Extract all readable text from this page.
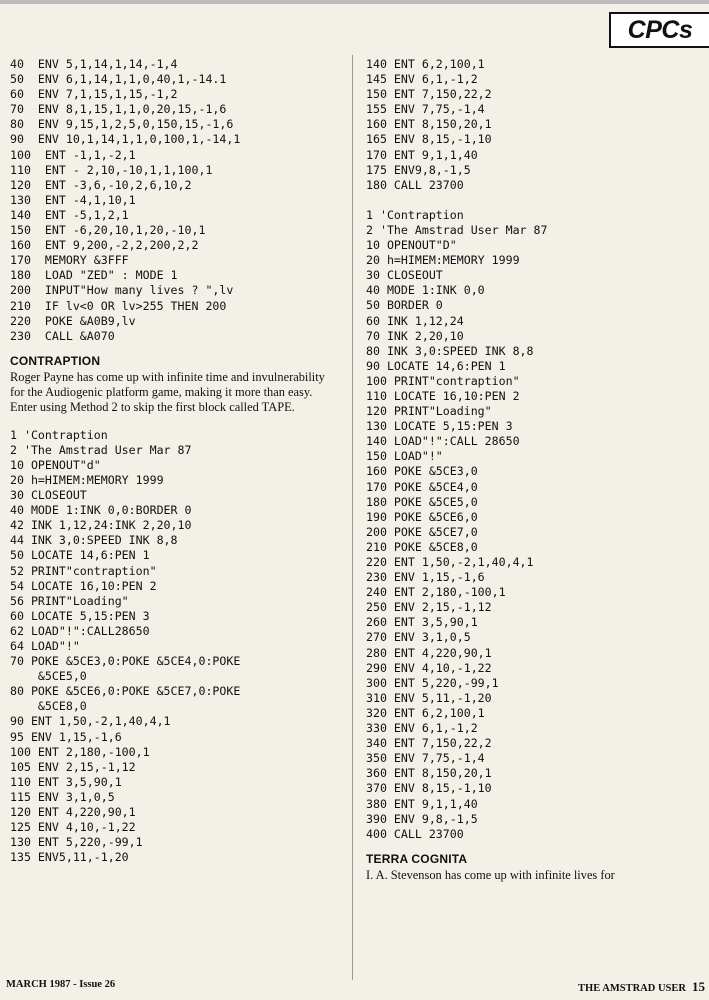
CPCs
40  ENV 5,1,14,1,14,-1,4
50  ENV 6,1,14,1,1,0,40,1,-14.1
60  ENV 7,1,15,1,15,-1,2
70  ENV 8,1,15,1,1,0,20,15,-1,6
80  ENV 9,15,1,2,5,0,150,15,-1,6
90  ENV 10,1,14,1,1,0,100,1,-14,1
100  ENT -1,1,-2,1
110  ENT - 2,10,-10,1,1,100,1
120  ENT -3,6,-10,2,6,10,2
130  ENT -4,1,10,1
140  ENT -5,1,2,1
150  ENT -6,20,10,1,20,-10,1
160  ENT 9,200,-2,2,200,2,2
170  MEMORY &3FFF
180  LOAD "ZED" : MODE 1
200  INPUT"How many lives ? ",lv
210  IF lv<0 OR lv>255 THEN 200
220  POKE &A0B9,lv
230  CALL &A070
CONTRAPTION

Roger Payne has come up with infinite time and invulnerability for the Audiogenic platform game, making it more than easy. Enter using Method 2 to skip the first block called TAPE.

1 'Contraption
2 'The Amstrad User Mar 87
10 OPENOUT"d"
20 h=HIMEM:MEMORY 1999
30 CLOSEOUT
40 MODE 1:INK 0,0:BORDER 0
42 INK 1,12,24:INK 2,20,10
44 INK 3,0:SPEED INK 8,8
50 LOCATE 14,6:PEN 1
52 PRINT"contraption"
54 LOCATE 16,10:PEN 2
56 PRINT"Loading"
60 LOCATE 5,15:PEN 3
62 LOAD"!":CALL28650
64 LOAD"!"
70 POKE &5CE3,0:POKE &5CE4,0:POKE
&5CE5,0
80 POKE &5CE6,0:POKE &5CE7,0:POKE
&5CE8,0
90 ENT 1,50,-2,1,40,4,1
95 ENV 1,15,-1,6
100 ENT 2,180,-100,1
105 ENV 2,15,-1,12
110 ENT 3,5,90,1
115 ENV 3,1,0,5
120 ENT 4,220,90,1
125 ENV 4,10,-1,22
130 ENT 5,220,-99,1
135 ENV5,11,-1,20
140 ENT 6,2,100,1
145 ENV 6,1,-1,2
150 ENT 7,150,22,2
155 ENV 7,75,-1,4
160 ENT 8,150,20,1
165 ENV 8,15,-1,10
170 ENT 9,1,1,40
175 ENV9,8,-1,5
180 CALL 23700
1 'Contraption
2 'The Amstrad User Mar 87
10 OPENOUT"D"
20 h=HIMEM:MEMORY 1999
30 CLOSEOUT
40 MODE 1:INK 0,0
50 BORDER 0
60 INK 1,12,24
70 INK 2,20,10
80 INK 3,0:SPEED INK 8,8
90 LOCATE 14,6:PEN 1
100 PRINT"contraption"
110 LOCATE 16,10:PEN 2
120 PRINT"Loading"
130 LOCATE 5,15:PEN 3
140 LOAD"!":CALL 28650
150 LOAD"!"
160 POKE &5CE3,0
170 POKE &5CE4,0
180 POKE &5CE5,0
190 POKE &5CE6,0
200 POKE &5CE7,0
210 POKE &5CE8,0
220 ENT 1,50,-2,1,40,4,1
230 ENV 1,15,-1,6
240 ENT 2,180,-100,1
250 ENV 2,15,-1,12
260 ENT 3,5,90,1
270 ENV 3,1,0,5
280 ENT 4,220,90,1
290 ENV 4,10,-1,22
300 ENT 5,220,-99,1
310 ENV 5,11,-1,20
320 ENT 6,2,100,1
330 ENV 6,1,-1,2
340 ENT 7,150,22,2
350 ENV 7,75,-1,4
360 ENT 8,150,20,1
370 ENV 8,15,-1,10
380 ENT 9,1,1,40
390 ENV 9,8,-1,5
400 CALL 23700
TERRA COGNITA

I. A. Stevenson has come up with infinite lives for

MARCH 1987 - Issue 26	THE AMSTRAD USER 15
